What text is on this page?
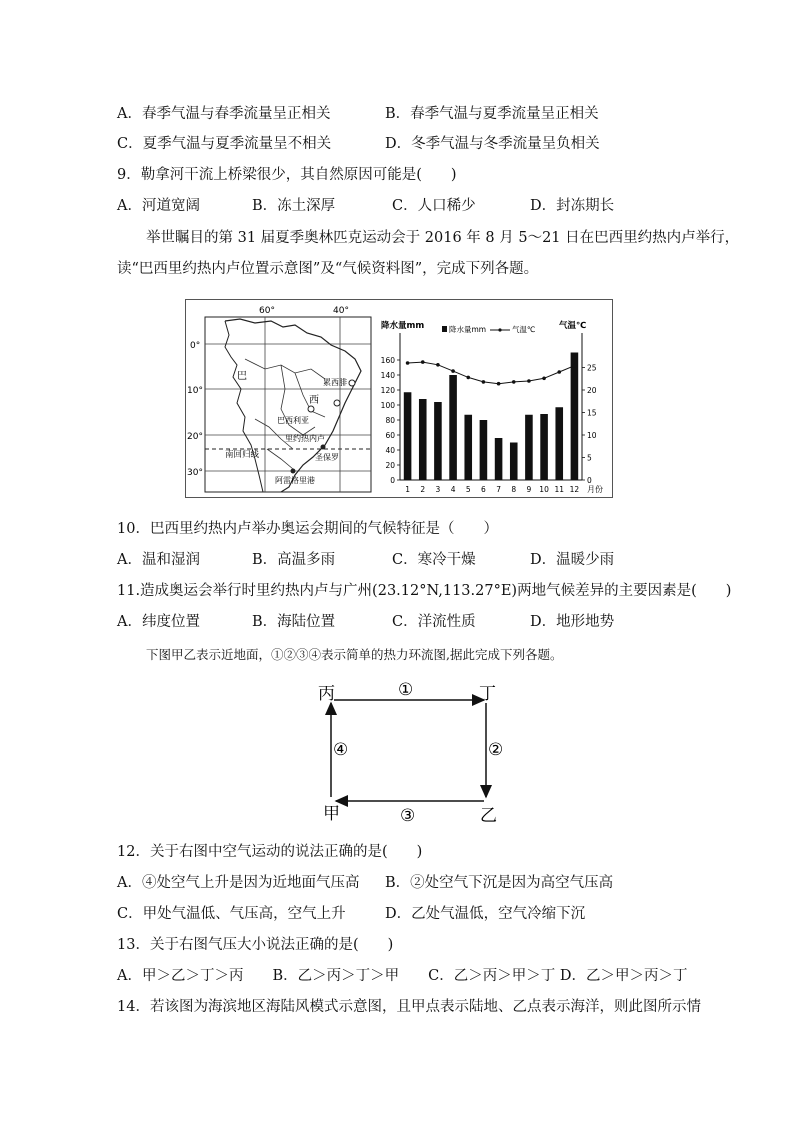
A．春季气温与春季流量呈正相关	B．春季气温与夏季流量呈正相关
C．夏季气温与夏季流量呈不相关	D．冬季气温与冬季流量呈负相关
9．勒拿河干流上桥梁很少，其自然原因可能是(　　)
A．河道宽阔	B．冻土深厚	C．人口稀少	D．封冻期长
举世瞩目的第 31 届夏季奥林匹克运动会于 2016 年 8 月 5～21 日在巴西里约热内卢举行，
读“巴西里约热内卢位置示意图”及“气候资料图”，完成下列各题。
60°	40°
0°
10°
20°
30°
巴
西
南回归线
累西腓
巴西利亚
里约热内卢
圣保罗
阿雷格里港
降水量mm	气温℃
降水量mm	气温℃
0
20
40
60
80
100
120
140
160
0
5
10
15
20
25
1 2 3 4 5 6 7 8 9 10 11 12 月份
10．巴西里约热内卢举办奥运会期间的气候特征是（　　）
A．温和湿润	B．高温多雨	C．寒冷干燥	D．温暖少雨
11.造成奥运会举行时里约热内卢与广州(23.12°N,113.27°E)两地气候差异的主要因素是(　　)
A．纬度位置	B．海陆位置	C．洋流性质	D．地形地势
下图甲乙表示近地面，①②③④表示简单的热力环流图,据此完成下列各题。
丙	丁
甲	乙
①
②
③
④
12．关于右图中空气运动的说法正确的是(　　)
A．④处空气上升是因为近地面气压高 B．②处空气下沉是因为高空气压高
C．甲处气温低、气压高，空气上升	D．乙处气温低，空气冷缩下沉
13．关于右图气压大小说法正确的是(　　)
A．甲＞乙＞丁＞丙　　B．乙＞丙＞丁＞甲　　C．乙＞丙＞甲＞丁 D．乙＞甲＞丙＞丁
14．若该图为海滨地区海陆风模式示意图，且甲点表示陆地、乙点表示海洋，则此图所示情
